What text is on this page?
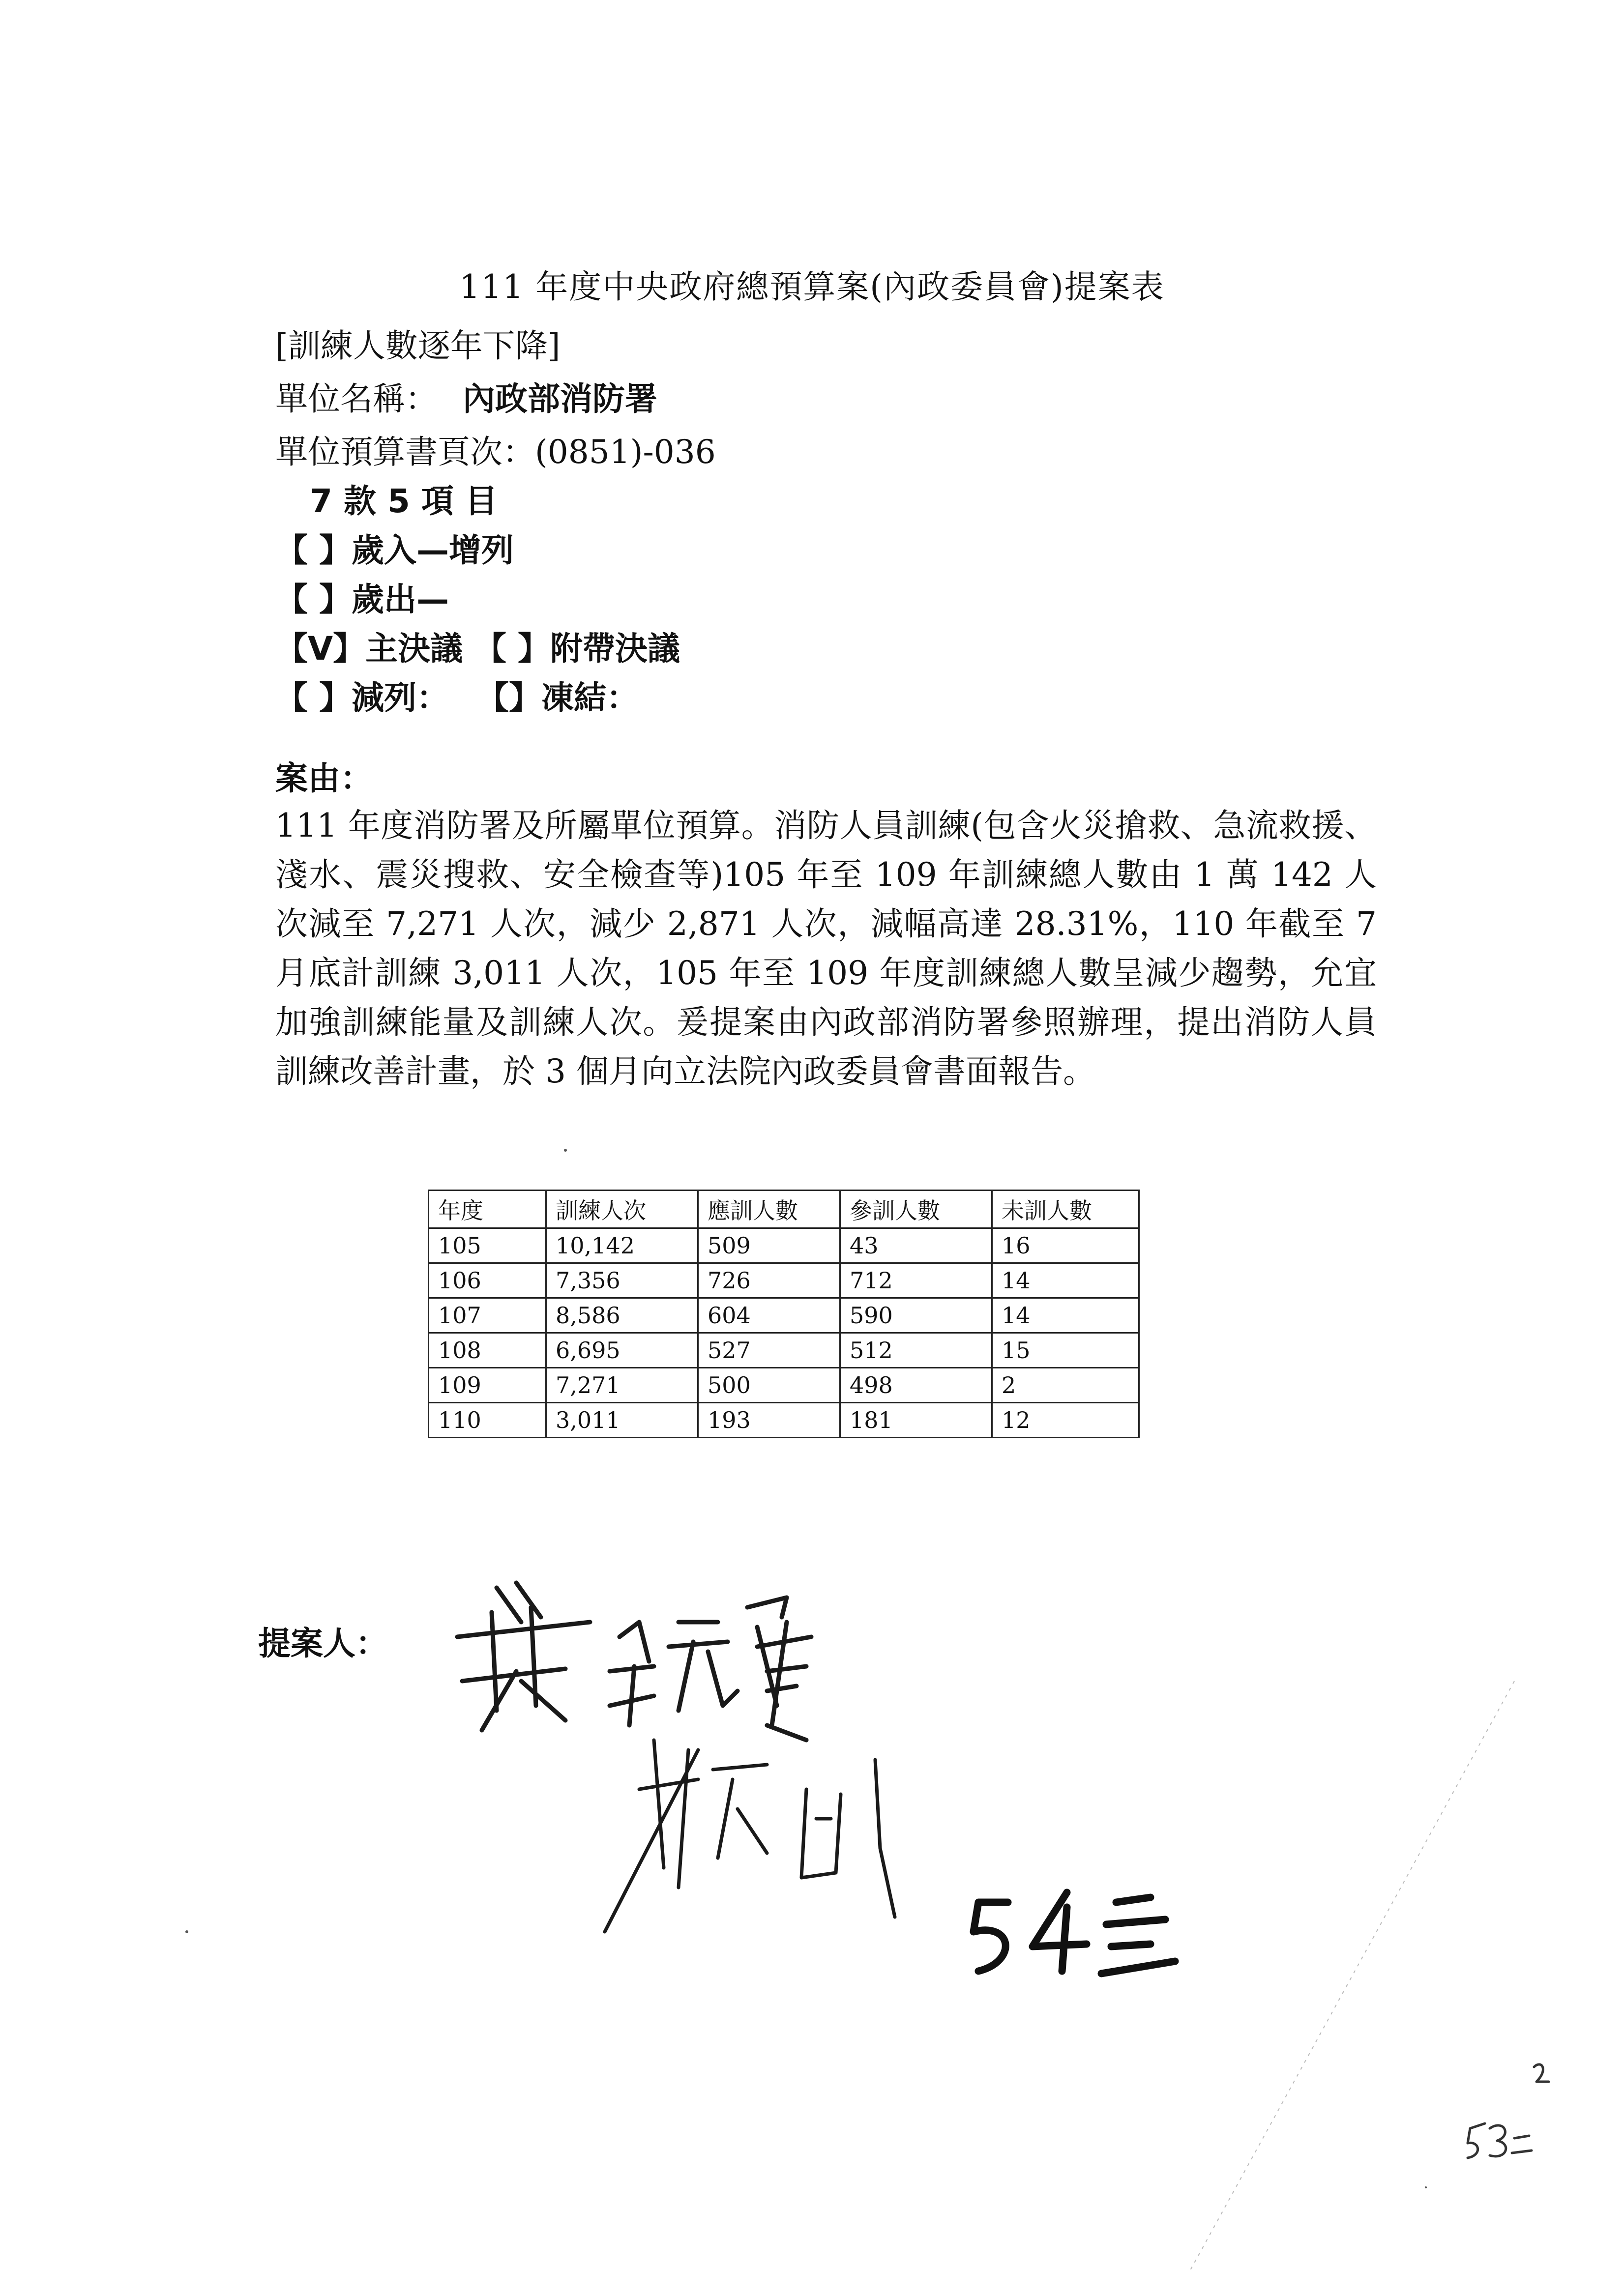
111 年度中央政府總預算案(內政委員會)提案表
[訓練人數逐年下降]
單位名稱： 內政部消防署
單位預算書頁次：(0851)-036
7 款 5 項 目
【 】歲入—增列
【 】歲出—
【V】主決議 【 】附帶決議
【 】減列：　 【】凍結：
案由：
111 年度消防署及所屬單位預算。消防人員訓練(包含火災搶救、急流救援、淺水、震災搜救、安全檢查等)105 年至 109 年訓練總人數由 1 萬 142 人次減至 7,271 人次，減少 2,871 人次，減幅高達 28.31%，110 年截至 7 月底計訓練 3,011 人次，105 年至 109 年度訓練總人數呈減少趨勢，允宜加強訓練能量及訓練人次。爰提案由內政部消防署參照辦理，提出消防人員訓練改善計畫，於 3 個月向立法院內政委員會書面報告。
年度	訓練人次	應訓人數	參訓人數	未訓人數
105	10,142	509	43	16
106	7,356	726	712	14
107	8,586	604	590	14
108	6,695	527	512	15
109	7,271	500	498	2
110	3,011	193	181	12
提案人：
